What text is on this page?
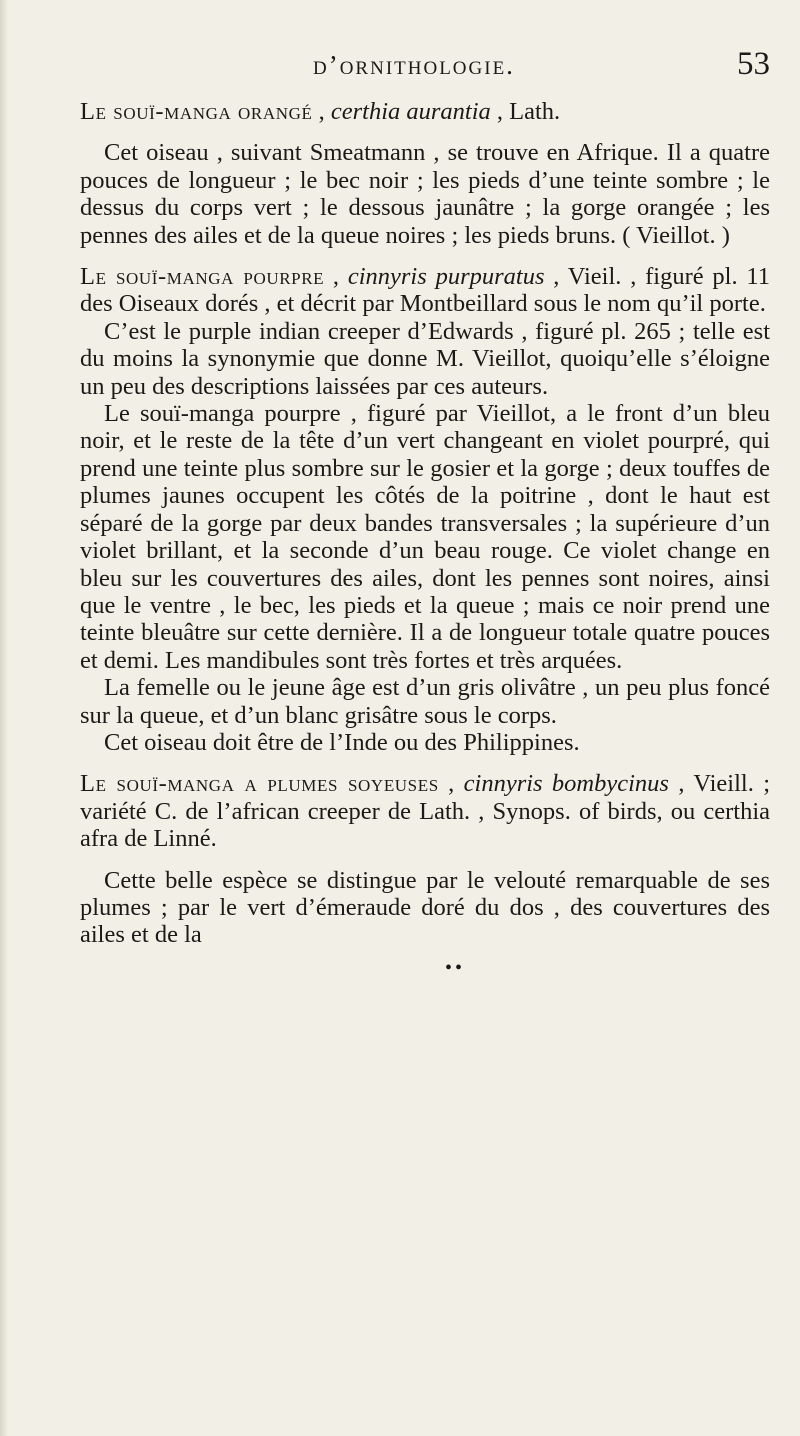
d’ornithologie.	53

Le souï-manga orangé , certhia aurantia , Lath.

Cet oiseau , suivant Smeatmann , se trouve en Afrique. Il a quatre pouces de longueur ; le bec noir ; les pieds d’une teinte sombre ; le dessus du corps vert ; le dessous jaunâtre ; la gorge orangée ; les pennes des ailes et de la queue noires ; les pieds bruns. ( Vieillot. )

Le souï-manga pourpre , cinnyris purpuratus , Vieil. , figuré pl. 11 des Oiseaux dorés , et décrit par Montbeillard sous le nom qu’il porte.

C’est le purple indian creeper d’Edwards , figuré pl. 265 ; telle est du moins la synonymie que donne M. Vieillot, quoiqu’elle s’éloigne un peu des descriptions laissées par ces auteurs.

Le souï-manga pourpre , figuré par Vieillot, a le front d’un bleu noir, et le reste de la tête d’un vert changeant en violet pourpré, qui prend une teinte plus sombre sur le gosier et la gorge ; deux touffes de plumes jaunes occupent les côtés de la poitrine , dont le haut est séparé de la gorge par deux bandes transversales ; la supérieure d’un violet brillant, et la seconde d’un beau rouge. Ce violet change en bleu sur les couvertures des ailes, dont les pennes sont noires, ainsi que le ventre , le bec, les pieds et la queue ; mais ce noir prend une teinte bleuâtre sur cette dernière. Il a de longueur totale quatre pouces et demi. Les mandibules sont très fortes et très arquées.

La femelle ou le jeune âge est d’un gris olivâtre , un peu plus foncé sur la queue, et d’un blanc grisâtre sous le corps.

Cet oiseau doit être de l’Inde ou des Philippines.

Le souï-manga a plumes soyeuses , cinnyris bombycinus , Vieill. ; variété C. de l’african creeper de Lath. , Synops. of birds, ou certhia afra de Linné.

Cette belle espèce se distingue par le velouté remarquable de ses plumes ; par le vert d’émeraude doré du dos , des couvertures des ailes et de la

••
